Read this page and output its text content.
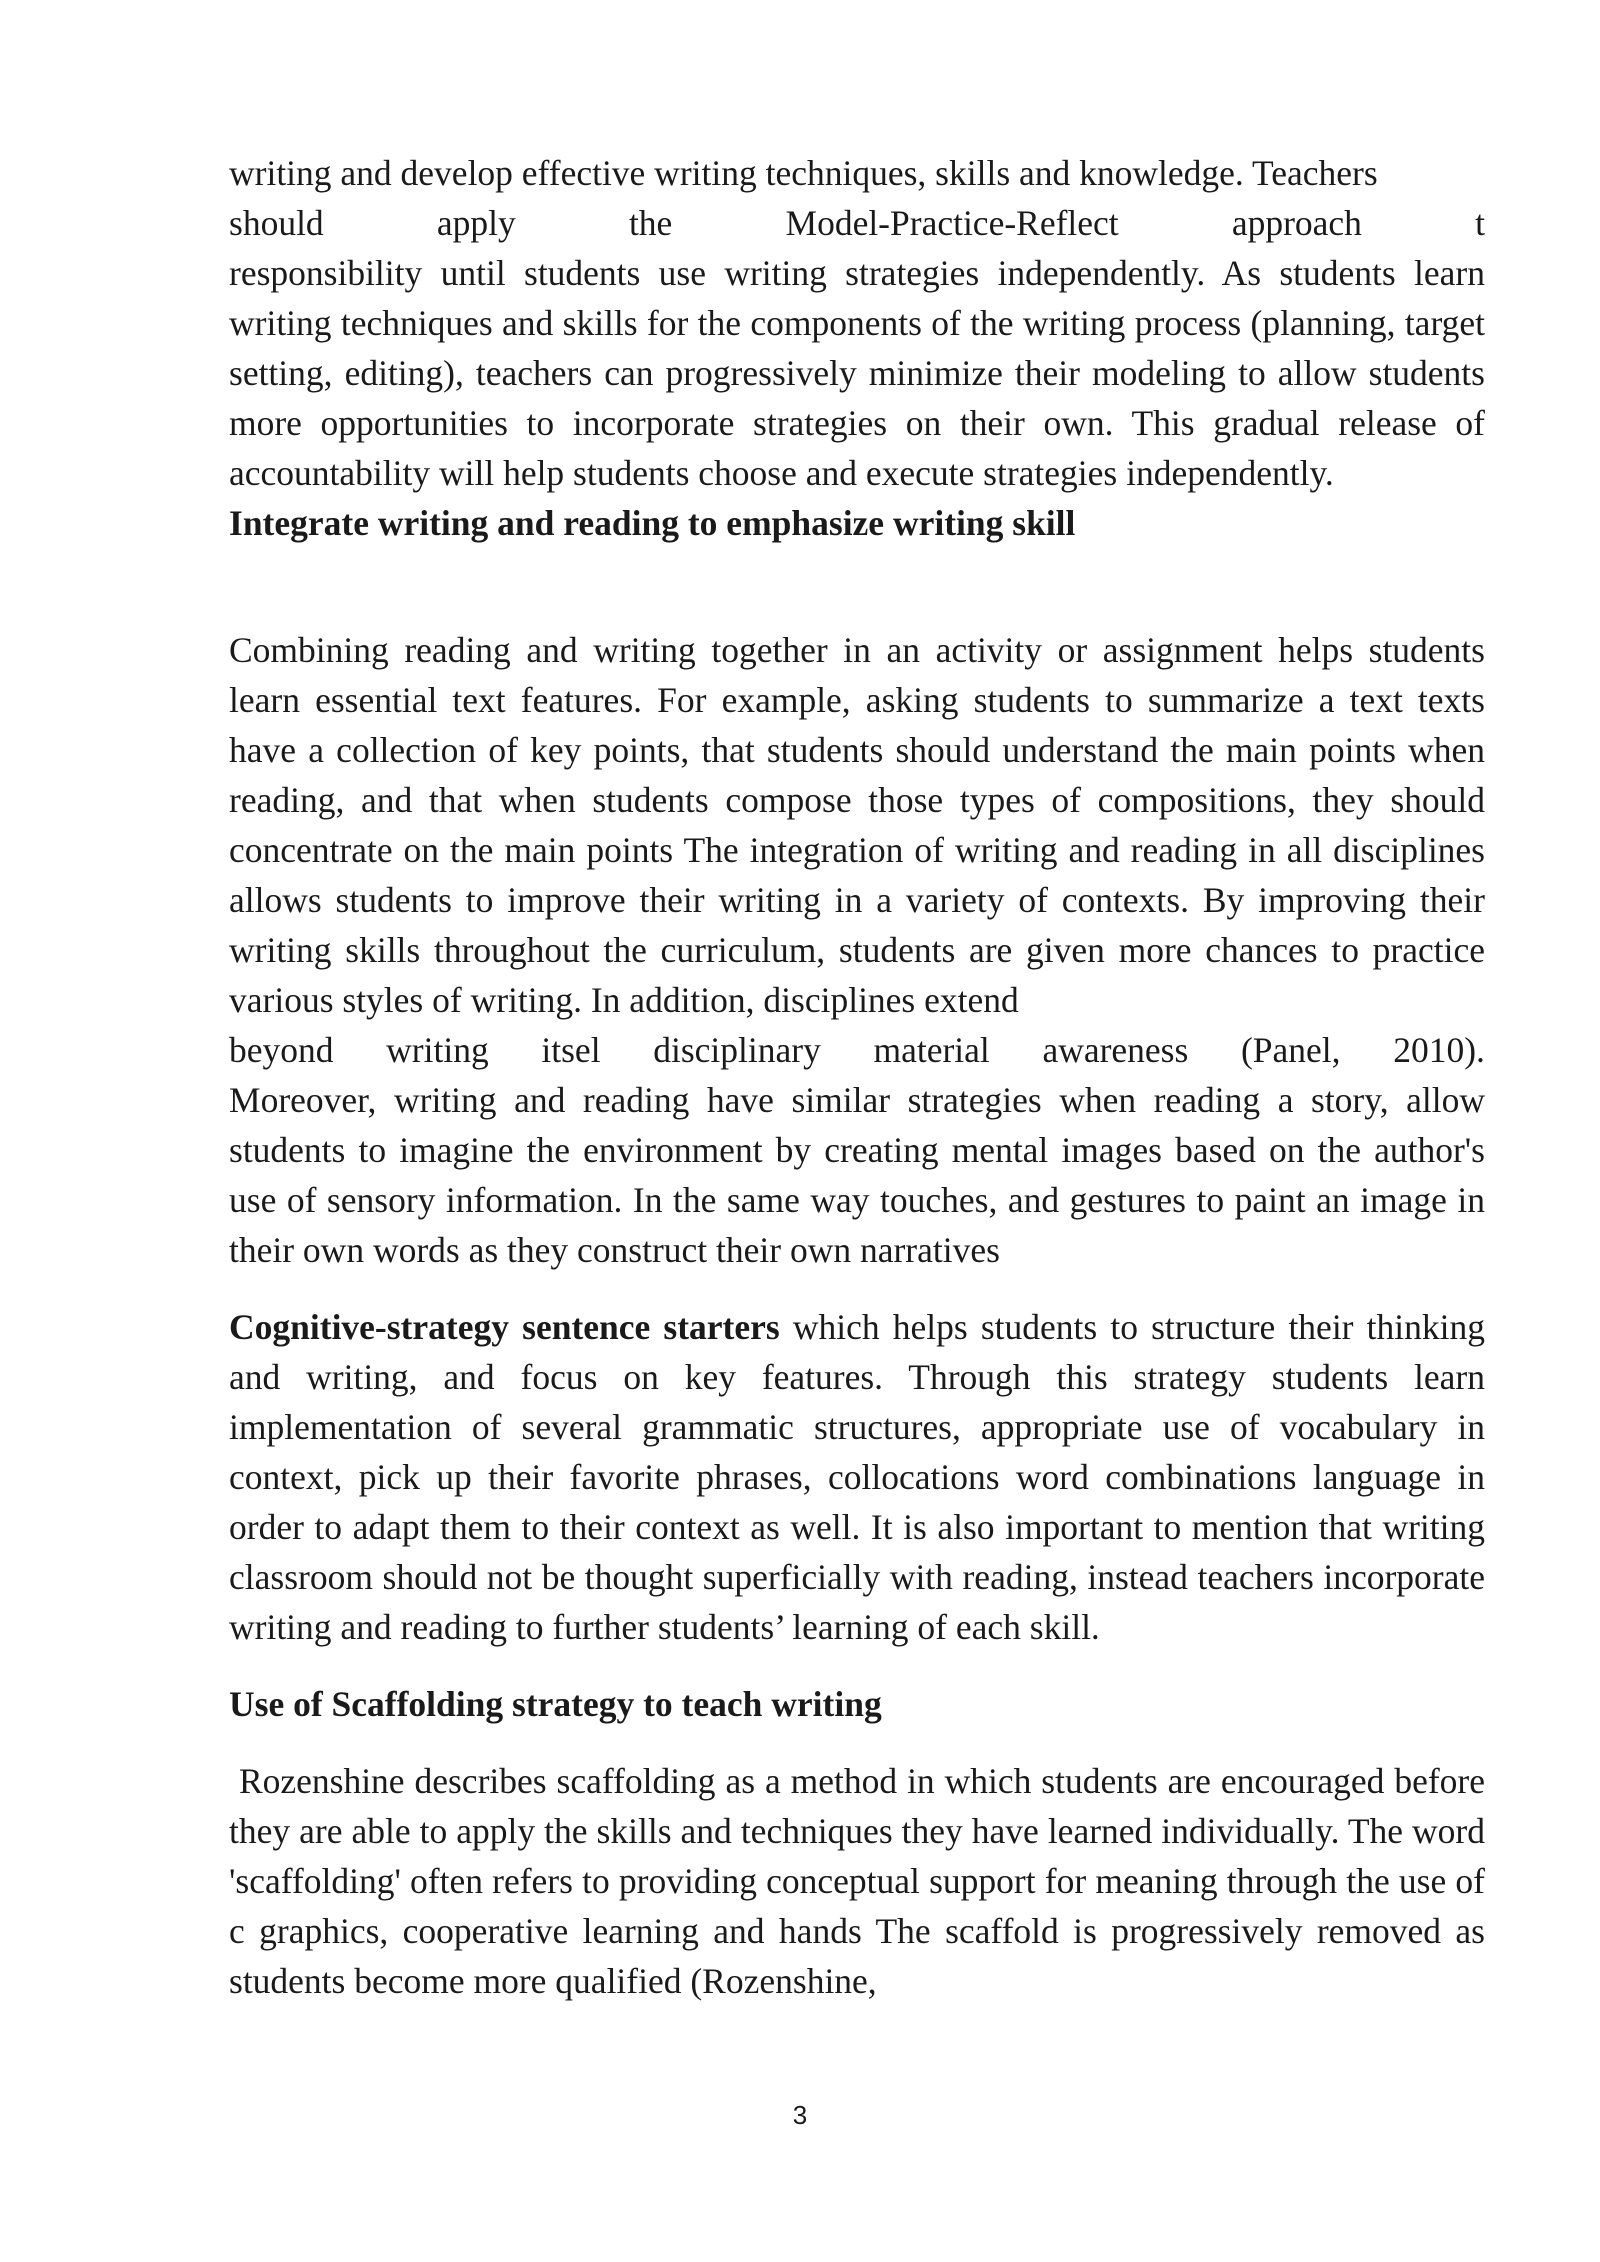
writing and develop effective writing techniques, skills and knowledge. Teachers

should	apply	the	Model-Practice-Reflect	approach	t

responsibility until students use writing strategies independently. As students learn writing techniques and skills for the components of the writing process (planning, target setting, editing), teachers can progressively minimize their modeling to allow students more opportunities to incorporate strategies on their own. This gradual release of accountability will help students choose and execute strategies independently.

Integrate writing and reading to emphasize writing skill

Combining reading and writing together in an activity or assignment helps students learn essential text features. For example, asking students to summarize a text texts have a collection of key points, that students should understand the main points when reading, and that when students compose those types of compositions, they should concentrate on the main points The integration of writing and reading in all disciplines allows students to improve their writing in a variety of contexts. By improving their writing skills throughout the curriculum, students are given more chances to practice various styles of writing. In addition, disciplines extend

beyond writing itsel disciplinary material awareness (Panel, 2010).

Moreover, writing and reading have similar strategies when reading a story, allow students to imagine the environment by creating mental images based on the author's use of sensory information. In the same way touches, and gestures to paint an image in their own words as they construct their own narratives

Cognitive-strategy sentence starters which helps students to structure their thinking and writing, and focus on key features. Through this strategy students learn implementation of several grammatic structures, appropriate use of vocabulary in context, pick up their favorite phrases, collocations word combinations language in order to adapt them to their context as well. It is also important to mention that writing classroom should not be thought superficially with reading, instead teachers incorporate writing and reading to further students’ learning of each skill.

Use of Scaffolding strategy to teach writing

Rozenshine describes scaffolding as a method in which students are encouraged before they are able to apply the skills and techniques they have learned individually. The word 'scaffolding' often refers to providing conceptual support for meaning through the use of c graphics, cooperative learning and hands The scaffold is progressively removed as students become more qualified (Rozenshine,

3
